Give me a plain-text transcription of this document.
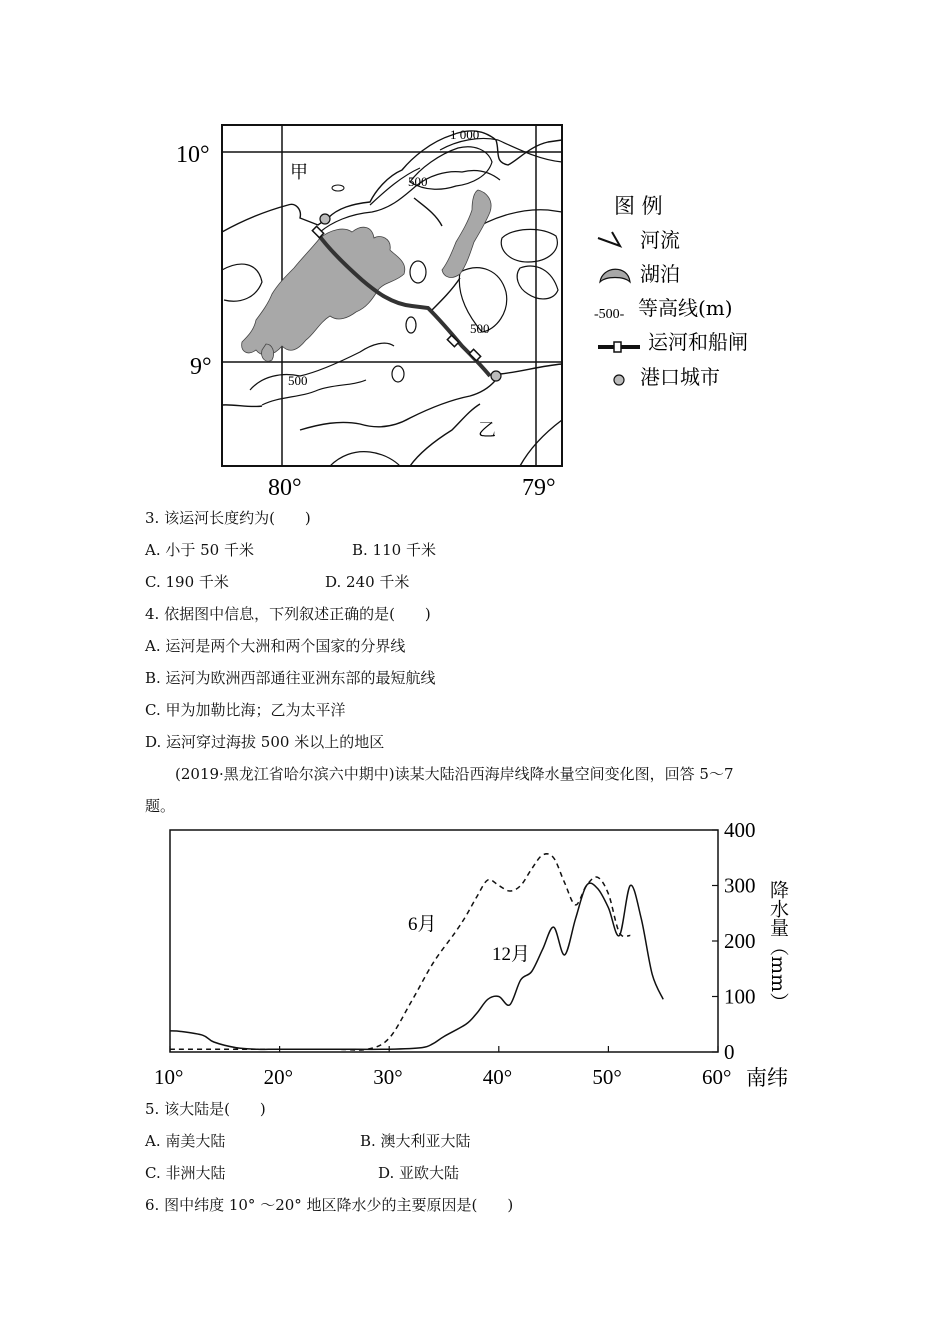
10°
9°
80°	79°
甲
乙
1 000
500
500
500
图 例
河流
湖泊
-500- 等高线(m)
运河和船闸
港口城市
3. 该运河长度约为(　　)
A. 小于 50 千米	B. 110 千米
C. 190 千米	D. 240 千米
4. 依据图中信息，下列叙述正确的是(　　)
A. 运河是两个大洲和两个国家的分界线
B. 运河为欧洲西部通往亚洲东部的最短航线
C. 甲为加勒比海；乙为太平洋
D. 运河穿过海拔 500 米以上的地区
(2019·黑龙江省哈尔滨六中期中)读某大陆沿西海岸线降水量空间变化图，回答 5～7
题。
10°	20°	30°	40°	50°	60°
0
100
200
300
400
6月
12月
南纬
降水量（mm）
5. 该大陆是(　　)
A. 南美大陆	B. 澳大利亚大陆
C. 非洲大陆	D. 亚欧大陆
6. 图中纬度 10° ～20° 地区降水少的主要原因是(　　)
